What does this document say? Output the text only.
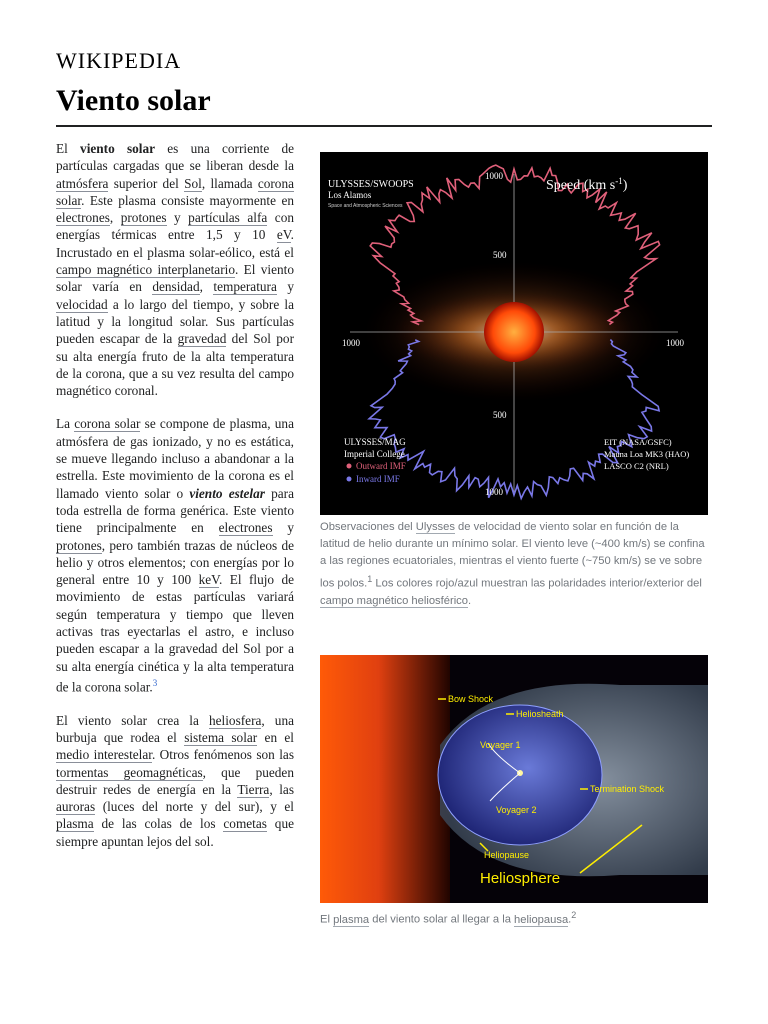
WIKIPEDIA
Viento solar

El viento solar es una corriente de partículas cargadas que se liberan desde la atmósfera superior del Sol, llamada corona solar. Este plasma consiste mayormente en electrones, protones y partículas alfa con energías térmicas entre 1,5 y 10 eV. Incrustado en el plasma solar-eólico, está el campo magnético interplanetario. El viento solar varía en densidad, temperatura y velocidad a lo largo del tiempo, y sobre la latitud y la longitud solar. Sus partículas pueden escapar de la gravedad del Sol por su alta energía fruto de la alta temperatura de la corona, que a su vez resulta del campo magnético coronal.

La corona solar se compone de plasma, una atmósfera de gas ionizado, y no es estática, se mueve llegando incluso a abandonar a la estrella. Este movimiento de la corona es el llamado viento solar o viento estelar para toda estrella de forma genérica. Este viento tiene principalmente en electrones y protones, pero también trazas de núcleos de helio y otros elementos; con energías por lo general entre 10 y 100 keV. El flujo de movimiento de estas partículas variará según temperatura y tiempo que lleven activas tras eyectarlas el astro, e incluso pueden escapar a la gravedad del Sol por a su alta energía cinética y la alta temperatura de la corona solar.$^3$

El viento solar crea la heliosfera, una burbuja que rodea el sistema solar en el medio interestelar. Otros fenómenos son las tormentas geomagnéticas, que pueden destruir redes de energía en la Tierra, las auroras (luces del norte y del sur), y el plasma de las colas de los cometas que siempre apuntan lejos del sol.

ULYSSES/SWOOPS
Los Alamos
Space and Atmospheric Sciences
Speed (km $s^{-1}$)
1000
500
1000	1000
500
1000
ULYSSES/MAG
Imperial College
Outward IMF
Inward IMF
EIT (NASA/GSFC)
Mauna Loa MK3 (HAO)
LASCO C2 (NRL)
Observaciones del Ulysses de velocidad de viento solar en función de la latitud de helio durante un mínimo solar. El viento leve (~400 km/s) se confina a las regiones ecuatoriales, mientras el viento fuerte (~750 km/s) se ve sobre los polos.$^1$ Los colores rojo/azul muestran las polaridades interior/exterior del campo magnético heliosférico.
Bow Shock
Heliosheath
Voyager 1
Voyager 2
Termination Shock
Heliopause
Heliosphere
El plasma del viento solar al llegar a la heliopausa.$^2$
